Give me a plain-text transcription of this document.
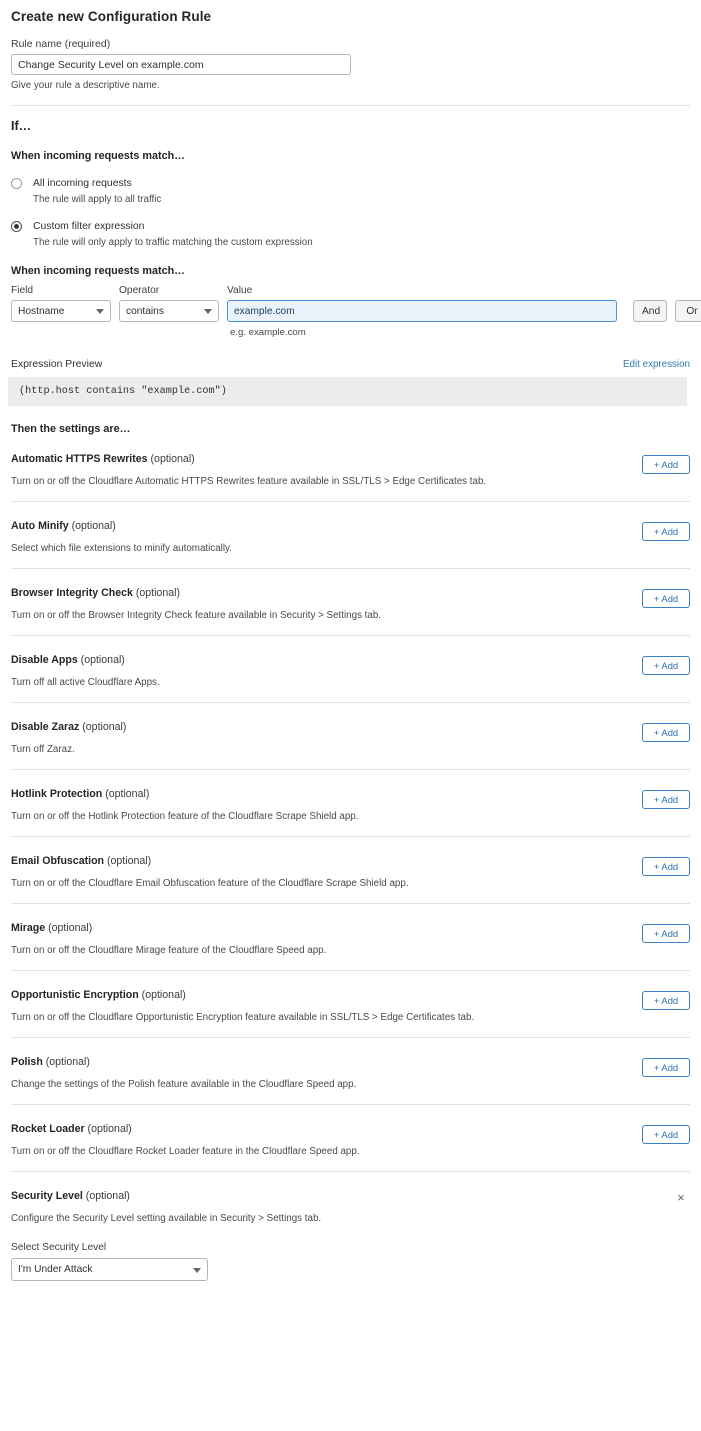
Create new Configuration Rule
Rule name (required)
Change Security Level on example.com
Give your rule a descriptive name.
If…
When incoming requests match…
All incoming requests
The rule will apply to all traffic
Custom filter expression
The rule will only apply to traffic matching the custom expression
When incoming requests match…
Field
Hostname
Operator
contains
Value
example.com
And	Or
e.g. example.com
Expression Preview	Edit expression
(http.host contains "example.com")
Then the settings are…
Automatic HTTPS Rewrites (optional)
Turn on or off the Cloudflare Automatic HTTPS Rewrites feature available in SSL/TLS > Edge Certificates tab.
+ Add
Auto Minify (optional)
Select which file extensions to minify automatically.
+ Add
Browser Integrity Check (optional)
Turn on or off the Browser Integrity Check feature available in Security > Settings tab.
+ Add
Disable Apps (optional)
Turn off all active Cloudflare Apps.
+ Add
Disable Zaraz (optional)
Turn off Zaraz.
+ Add
Hotlink Protection (optional)
Turn on or off the Hotlink Protection feature of the Cloudflare Scrape Shield app.
+ Add
Email Obfuscation (optional)
Turn on or off the Cloudflare Email Obfuscation feature of the Cloudflare Scrape Shield app.
+ Add
Mirage (optional)
Turn on or off the Cloudflare Mirage feature of the Cloudflare Speed app.
+ Add
Opportunistic Encryption (optional)
Turn on or off the Cloudflare Opportunistic Encryption feature available in SSL/TLS > Edge Certificates tab.
+ Add
Polish (optional)
Change the settings of the Polish feature available in the Cloudflare Speed app.
+ Add
Rocket Loader (optional)
Turn on or off the Cloudflare Rocket Loader feature in the Cloudflare Speed app.
+ Add
Security Level (optional)
Configure the Security Level setting available in Security > Settings tab.
×
Select Security Level
I'm Under Attack
